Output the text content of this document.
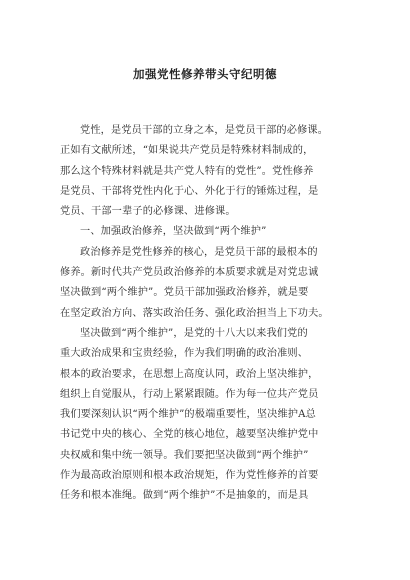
加强党性修养带头守纪明德
党性，是党员干部的立身之本，是党员干部的必修课。
正如有文献所述，“如果说共产党员是特殊材料制成的，
那么这个特殊材料就是共产党人特有的党性”。党性修养
是党员、干部将党性内化于心、外化于行的锤炼过程，是
党员、干部一辈子的必修课、进修课。
一、加强政治修养，坚决做到“两个维护”
政治修养是党性修养的核心，是党员干部的最根本的
修养。新时代共产党员政治修养的本质要求就是对党忠诚
坚决做到“两个维护”。党员干部加强政治修养，就是要
在坚定政治方向、落实政治任务、强化政治担当上下功夫。
坚决做到“两个维护”，是党的十八大以来我们党的
重大政治成果和宝贵经验，作为我们明确的政治准则、
根本的政治要求，在思想上高度认同，政治上坚决维护，
组织上自觉服从，行动上紧紧跟随。作为每一位共产党员
我们要深刻认识“两个维护”的极端重要性，坚决维护A总
书记党中央的核心、全党的核心地位，越要坚决维护党中
央权威和集中统一领导。我们要把坚决做到“两个维护”
作为最高政治原则和根本政治规矩，作为党性修养的首要
任务和根本准绳。做到“两个维护”不是抽象的，而是具
